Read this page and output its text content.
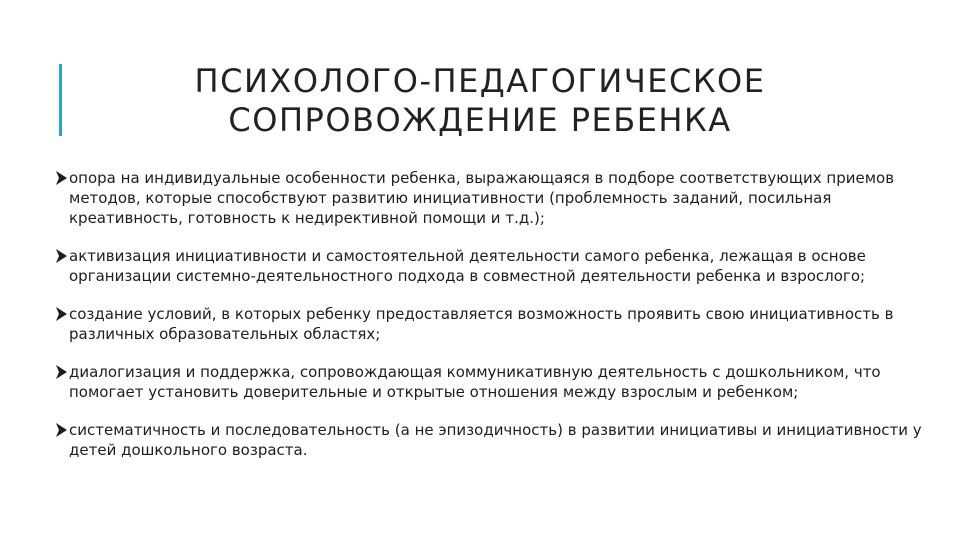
ПСИХОЛОГО-ПЕДАГОГИЧЕСКОЕ
СОПРОВОЖДЕНИЕ РЕБЕНКА
опора на индивидуальные особенности ребенка, выражающаяся в подборе соответствующих приемов методов, которые способствуют развитию инициативности (проблемность заданий, посильная креативность, готовность к недирективной помощи и т.д.);
активизация инициативности и самостоятельной деятельности самого ребенка, лежащая в основе организации системно-деятельностного подхода в совместной деятельности ребенка и взрослого;
создание условий, в которых ребенку предоставляется возможность проявить свою инициативность в различных образовательных областях;
диалогизация и поддержка, сопровождающая коммуникативную деятельность с дошкольником, что помогает установить доверительные и открытые отношения между взрослым и ребенком;
систематичность и последовательность (а не эпизодичность) в развитии инициативы и инициативности у детей дошкольного возраста.
